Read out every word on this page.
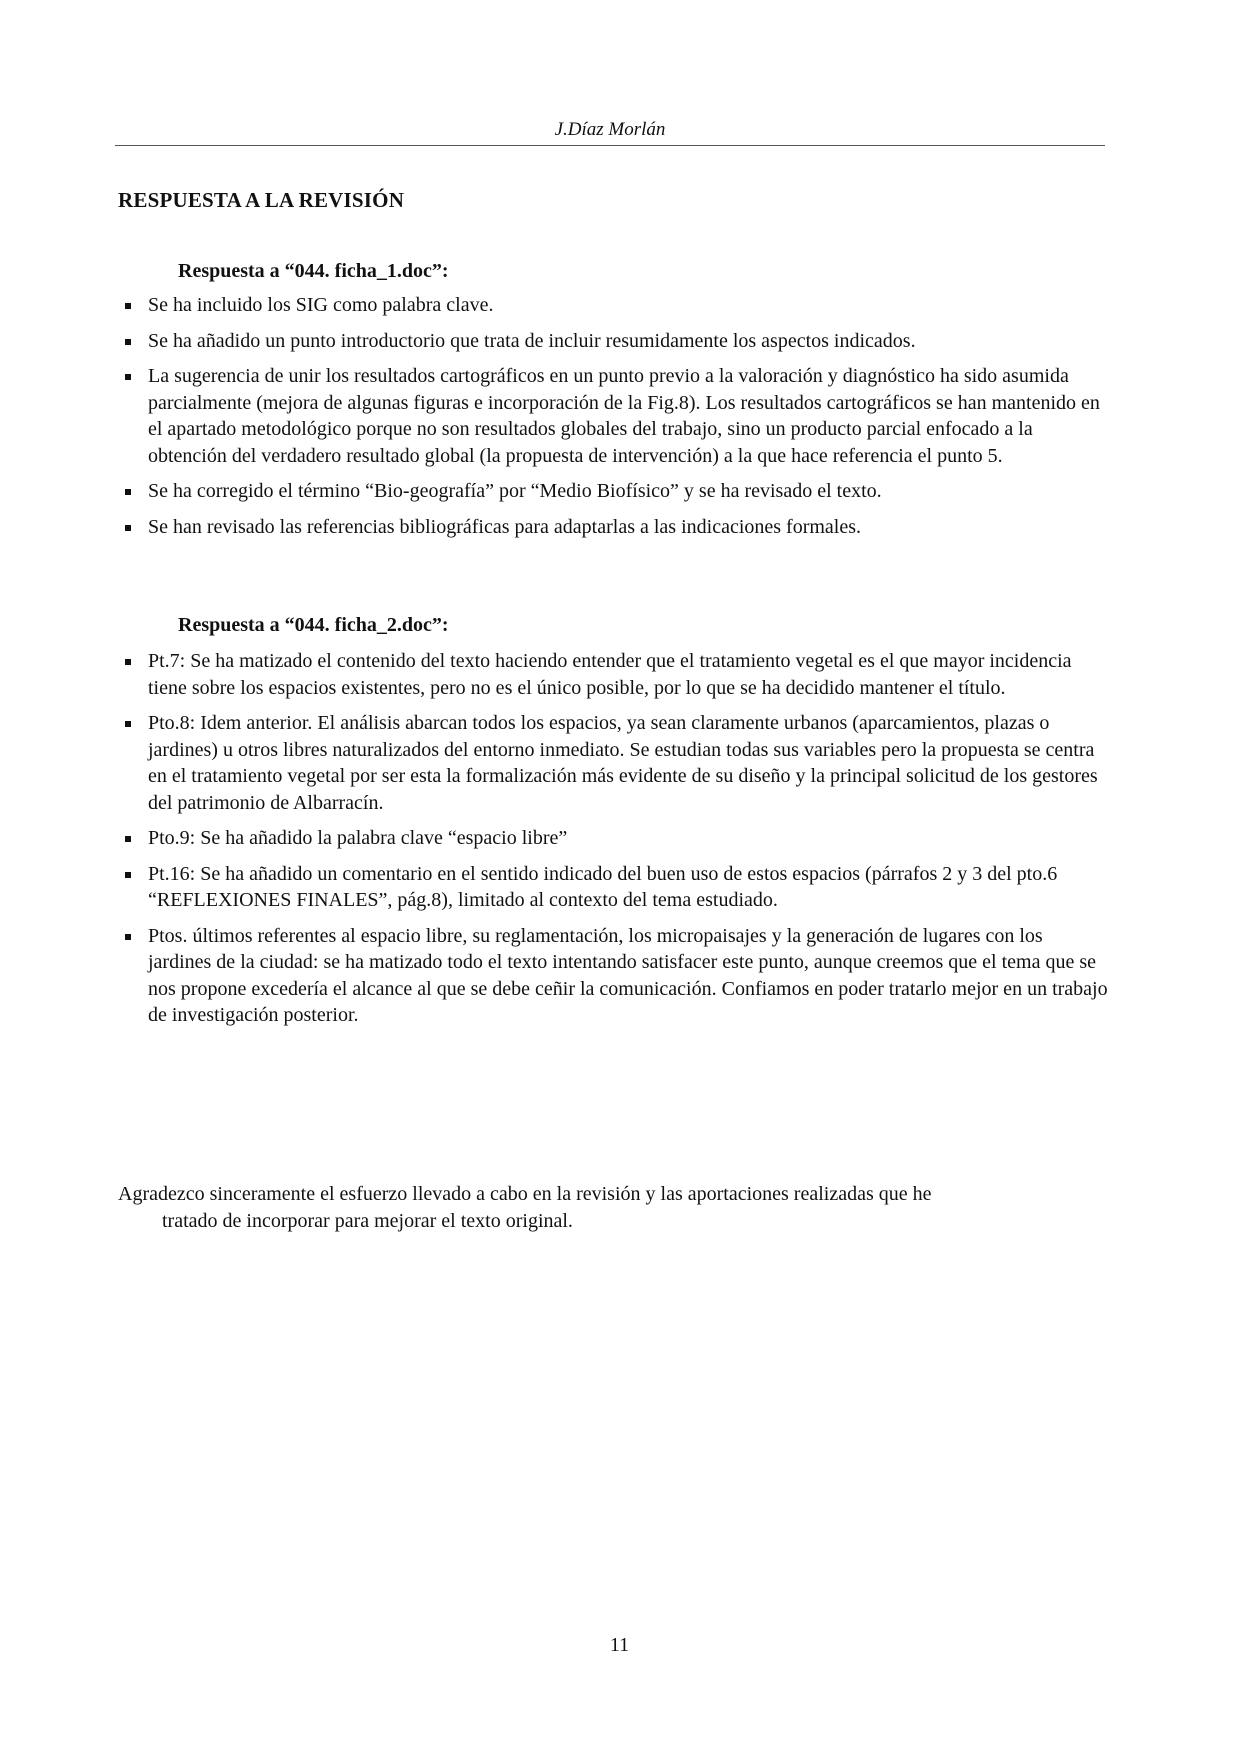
J.Díaz Morlán
RESPUESTA A LA REVISIÓN
Respuesta a “044. ficha_1.doc”:
Se ha incluido los SIG como palabra clave.
Se ha añadido un punto introductorio que trata de incluir resumidamente los aspectos indicados.
La sugerencia de unir los resultados cartográficos en un punto previo a la valoración y diagnóstico ha sido asumida parcialmente (mejora de algunas figuras e incorporación de la Fig.8). Los resultados cartográficos se han mantenido en el apartado metodológico porque no son resultados globales del trabajo, sino un producto parcial enfocado a la obtención del verdadero resultado global (la propuesta de intervención) a la que hace referencia el punto 5.
Se ha corregido el término “Bio-geografía” por “Medio Biofísico” y se ha revisado el texto.
Se han revisado las referencias bibliográficas para adaptarlas a las indicaciones formales.
Respuesta a “044. ficha_2.doc”:
Pt.7: Se ha matizado el contenido del texto haciendo entender que el tratamiento vegetal es el que mayor incidencia tiene sobre los espacios existentes, pero no es el único posible, por lo que se ha decidido mantener el título.
Pto.8: Idem anterior. El análisis abarcan todos los espacios, ya sean claramente urbanos (aparcamientos, plazas o jardines) u otros libres naturalizados del entorno inmediato. Se estudian todas sus variables pero la propuesta se centra en el tratamiento vegetal por ser esta la formalización más evidente de su diseño y la principal solicitud de los gestores del patrimonio de Albarracín.
Pto.9: Se ha añadido la palabra clave “espacio libre”
Pt.16: Se ha añadido un comentario en el sentido indicado del buen uso de estos espacios (párrafos 2 y 3 del pto.6 “REFLEXIONES FINALES”, pág.8), limitado al contexto del tema estudiado.
Ptos. últimos referentes al espacio libre, su reglamentación, los micropaisajes y la generación de lugares con los jardines de la ciudad: se ha matizado todo el texto intentando satisfacer este punto, aunque creemos que el tema que se nos propone excedería el alcance al que se debe ceñir la comunicación. Confiamos en poder tratarlo mejor en un trabajo de investigación posterior.
Agradezco sinceramente el esfuerzo llevado a cabo en la revisión y las aportaciones realizadas que he
tratado de incorporar para mejorar el texto original.
11
